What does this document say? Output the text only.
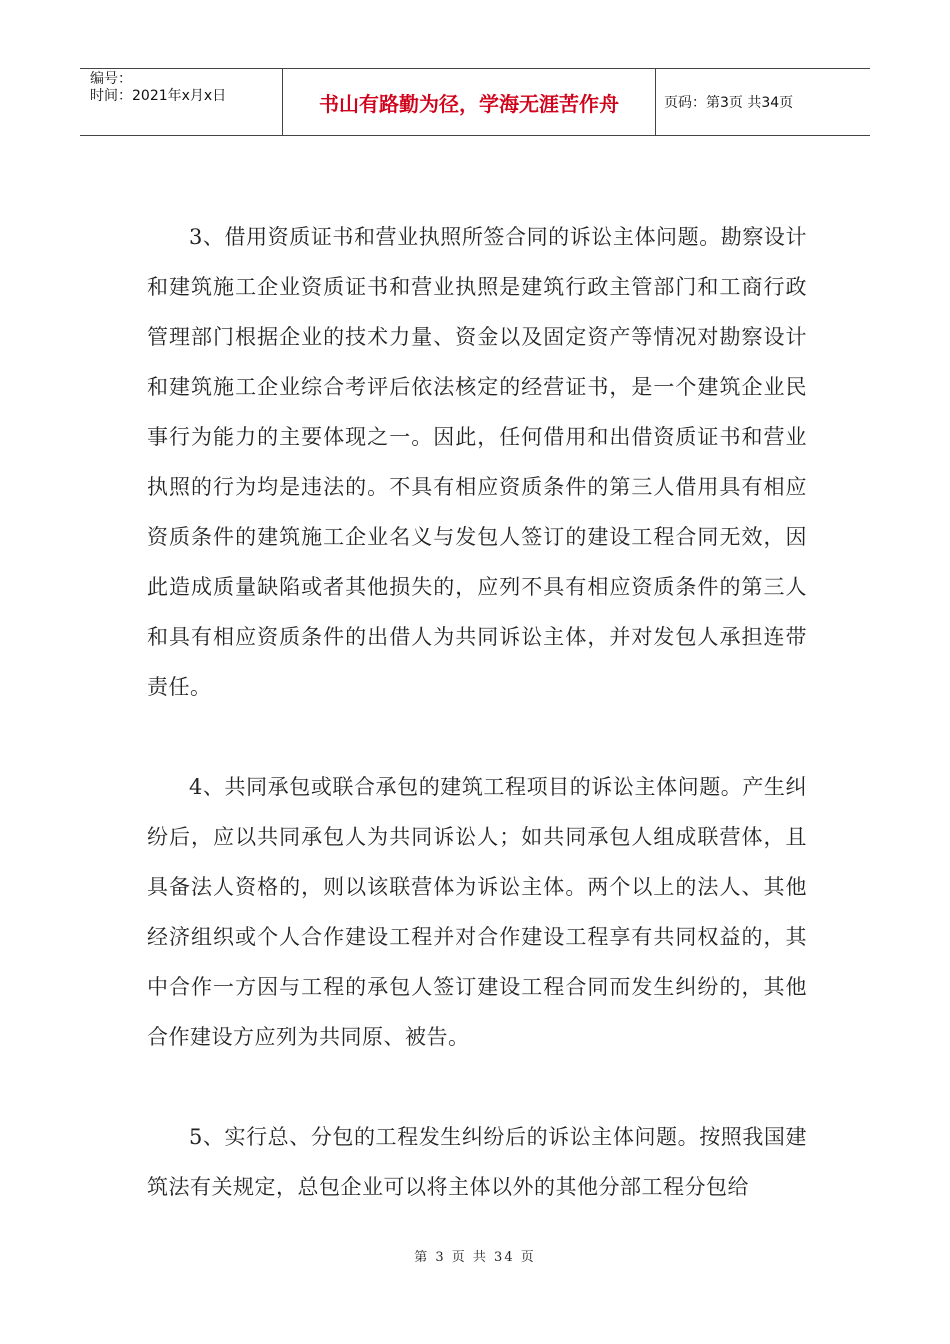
编号：
时间：2021年x月x日	书山有路勤为径，学海无涯苦作舟	页码：第3页 共34页

3、借用资质证书和营业执照所签合同的诉讼主体问题。勘察设计和建筑施工企业资质证书和营业执照是建筑行政主管部门和工商行政管理部门根据企业的技术力量、资金以及固定资产等情况对勘察设计和建筑施工企业综合考评后依法核定的经营证书，是一个建筑企业民事行为能力的主要体现之一。因此，任何借用和出借资质证书和营业执照的行为均是违法的。不具有相应资质条件的第三人借用具有相应资质条件的建筑施工企业名义与发包人签订的建设工程合同无效，因此造成质量缺陷或者其他损失的，应列不具有相应资质条件的第三人和具有相应资质条件的出借人为共同诉讼主体，并对发包人承担连带责任。

4、共同承包或联合承包的建筑工程项目的诉讼主体问题。产生纠纷后，应以共同承包人为共同诉讼人；如共同承包人组成联营体，且具备法人资格的，则以该联营体为诉讼主体。两个以上的法人、其他经济组织或个人合作建设工程并对合作建设工程享有共同权益的，其中合作一方因与工程的承包人签订建设工程合同而发生纠纷的，其他合作建设方应列为共同原、被告。

5、实行总、分包的工程发生纠纷后的诉讼主体问题。按照我国建筑法有关规定，总包企业可以将主体以外的其他分部工程分包给

第 3 页 共 34 页
